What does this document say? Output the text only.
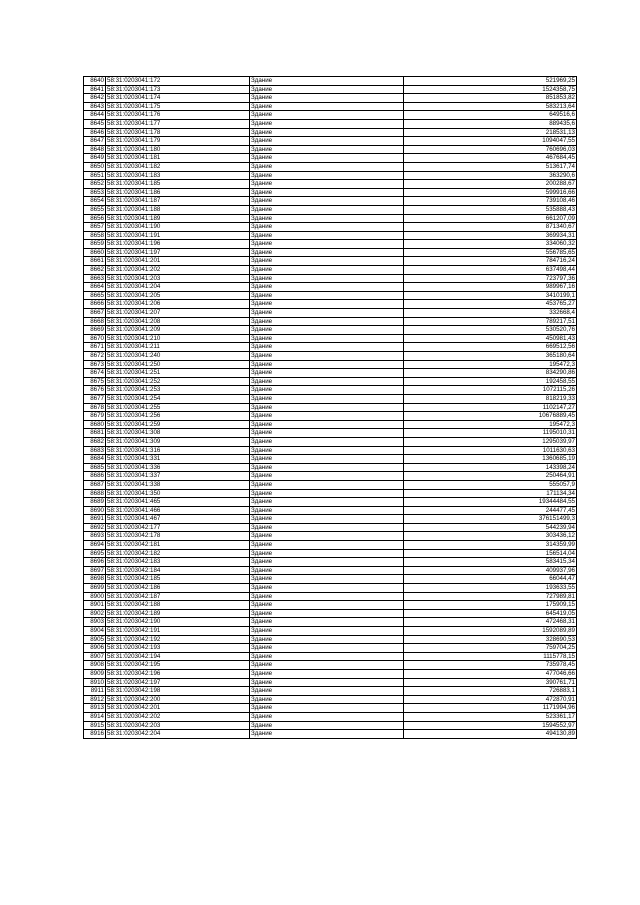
8640	58:31:0203041:172	Здание	521969,25
8641	58:31:0203041:173	Здание	1524358,75
8642	58:31:0203041:174	Здание	851853,82
8643	58:31:0203041:175	Здание	583213,64
8644	58:31:0203041:176	Здание	649516,6
8645	58:31:0203041:177	Здание	889435,6
8646	58:31:0203041:178	Здание	218531,13
8647	58:31:0203041:179	Здание	1094047,55
8648	58:31:0203041:180	Здание	760696,03
8649	58:31:0203041:181	Здание	467684,45
8650	58:31:0203041:182	Здание	513617,74
8651	58:31:0203041:183	Здание	363290,6
8652	58:31:0203041:185	Здание	200288,67
8653	58:31:0203041:186	Здание	599916,66
8654	58:31:0203041:187	Здание	739108,46
8655	58:31:0203041:188	Здание	535888,43
8656	58:31:0203041:189	Здание	661207,09
8657	58:31:0203041:190	Здание	871340,67
8658	58:31:0203041:191	Здание	369934,31
8659	58:31:0203041:196	Здание	334060,32
8660	58:31:0203041:197	Здание	556785,65
8661	58:31:0203041:201	Здание	784716,24
8662	58:31:0203041:202	Здание	637498,44
8663	58:31:0203041:203	Здание	723797,36
8664	58:31:0203041:204	Здание	989967,16
8665	58:31:0203041:205	Здание	3410199,1
8666	58:31:0203041:206	Здание	453765,27
8667	58:31:0203041:207	Здание	332668,4
8668	58:31:0203041:208	Здание	789217,51
8669	58:31:0203041:209	Здание	530520,76
8670	58:31:0203041:210	Здание	450981,43
8671	58:31:0203041:211	Здание	669512,56
8672	58:31:0203041:240	Здание	365180,64
8673	58:31:0203041:250	Здание	195472,3
8674	58:31:0203041:251	Здание	834290,86
8675	58:31:0203041:252	Здание	192458,55
8676	58:31:0203041:253	Здание	1072115,26
8677	58:31:0203041:254	Здание	818219,33
8678	58:31:0203041:255	Здание	1102147,27
8679	58:31:0203041:256	Здание	10676889,45
8680	58:31:0203041:259	Здание	195472,3
8681	58:31:0203041:308	Здание	1195010,31
8682	58:31:0203041:309	Здание	1295039,97
8683	58:31:0203041:316	Здание	1011630,63
8684	58:31:0203041:331	Здание	1360685,19
8685	58:31:0203041:336	Здание	143398,24
8686	58:31:0203041:337	Здание	250464,91
8687	58:31:0203041:338	Здание	555057,9
8688	58:31:0203041:350	Здание	171134,34
8689	58:31:0203041:465	Здание	19344484,55
8690	58:31:0203041:466	Здание	244477,45
8691	58:31:0203041:467	Здание	376151499,3
8692	58:31:0203042:177	Здание	544239,94
8693	58:31:0203042:178	Здание	303436,12
8694	58:31:0203042:181	Здание	314359,99
8695	58:31:0203042:182	Здание	156514,04
8696	58:31:0203042:183	Здание	583415,34
8697	58:31:0203042:184	Здание	409937,96
8698	58:31:0203042:185	Здание	66044,47
8699	58:31:0203042:186	Здание	193633,55
8900	58:31:0203042:187	Здание	727989,81
8901	58:31:0203042:188	Здание	175909,15
8902	58:31:0203042:189	Здание	645419,05
8903	58:31:0203042:190	Здание	472468,31
8904	58:31:0203042:191	Здание	1592089,89
8905	58:31:0203042:192	Здание	328690,53
8906	58:31:0203042:193	Здание	759704,25
8907	58:31:0203042:194	Здание	1115778,15
8908	58:31:0203042:195	Здание	735978,45
8909	58:31:0203042:196	Здание	477046,66
8910	58:31:0203042:197	Здание	390761,71
8911	58:31:0203042:198	Здание	726883,1
8912	58:31:0203042:200	Здание	472870,91
8913	58:31:0203042:201	Здание	1171994,96
8914	58:31:0203042:202	Здание	523361,17
8915	58:31:0203042:203	Здание	1594552,97
8916	58:31:0203042:204	Здание	494130,89
